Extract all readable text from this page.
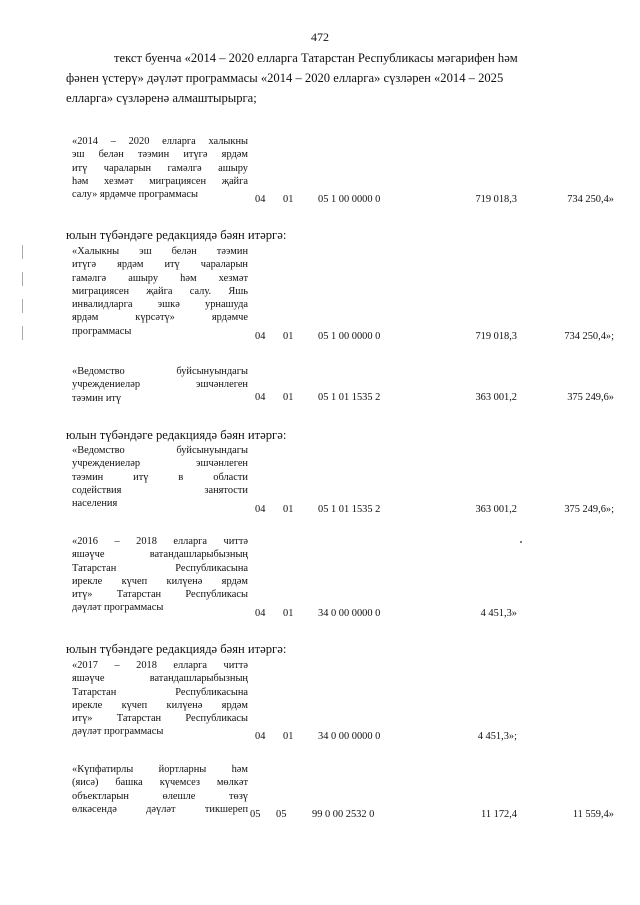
472
текст буенча «2014 – 2020 елларга Татарстан Республикасы мәгарифен һәм
фәнен үстерү» дәүләт программасы «2014 – 2020 елларга» сүзләрен «2014 – 2025
елларга» сүзләренә алмаштырырга;
«2014 – 2020 елларга халыкны
эш белән тәэмин итүгә ярдәм
итү чараларын гамәлгә ашыру
һәм хезмәт миграциясен җайга
салу» ярдәмче программасы	04 01 05 1 00 0000 0	719 018,3	734 250,4»
юлын түбәндәге редакциядә бәян итәргә:
«Халыкны эш белән тәэмин
итүгә ярдәм итү чараларын
гамәлгә ашыру һәм хезмәт
миграциясен җайга салу. Яшь
инвалидларга эшкә урнашуда
ярдәм күрсәтү» ярдәмче
программасы	04 01 05 1 00 0000 0	719 018,3	734 250,4»;
«Ведомство буйсынуындагы
учреждениеләр эшчәнлеген
тәэмин итү	04 01 05 1 01 1535 2	363 001,2	375 249,6»
юлын түбәндәге редакциядә бәян итәргә:
«Ведомство буйсынуындагы
учреждениеләр эшчәнлеген
тәэмин итү в области
содействия занятости
населения
04 01 05 1 01 1535 2	363 001,2	375 249,6»;
«2016 – 2018 елларга читтә
яшәүче ватандашларыбызның
Татарстан Республикасына
ирекле күчеп килүенә ярдәм
итү» Татарстан Республикасы
дәүләт программасы
04 01 34 0 00 0000 0	4 451,3»
юлын түбәндәге редакциядә бәян итәргә:
«2017 – 2018 елларга читтә
яшәүче ватандашларыбызның
Татарстан Республикасына
ирекле күчеп килүенә ярдәм
итү» Татарстан Республикасы
дәүләт программасы	04 01 34 0 00 0000 0	4 451,3»;
«Күпфатирлы йортларны һәм
(яисә) башка күчемсез мөлкәт
объектларын өлешле төзү
өлкәсендә дәүләт тикшереп 05 05 99 0 00 2532 0	11 172,4	11 559,4»
